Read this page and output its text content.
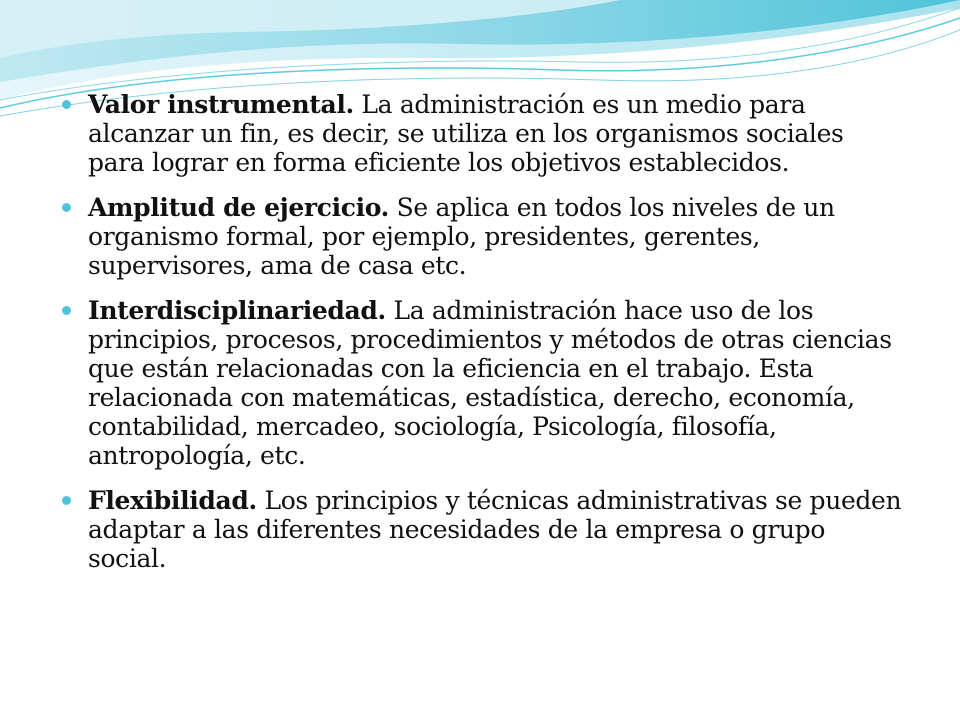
Valor instrumental. La administración es un medio para alcanzar un fin, es decir, se utiliza en los organismos sociales para lograr en forma eficiente los objetivos establecidos.
Amplitud de ejercicio. Se aplica en todos los niveles de un organismo formal, por ejemplo, presidentes, gerentes, supervisores, ama de casa etc.
Interdisciplinariedad. La administración hace uso de los principios, procesos, procedimientos y métodos de otras ciencias que están relacionadas con la eficiencia en el trabajo. Esta relacionada con matemáticas, estadística, derecho, economía, contabilidad, mercadeo, sociología, Psicología, filosofía, antropología, etc.
Flexibilidad. Los principios y técnicas administrativas se pueden adaptar a las diferentes necesidades de la empresa o grupo social.
